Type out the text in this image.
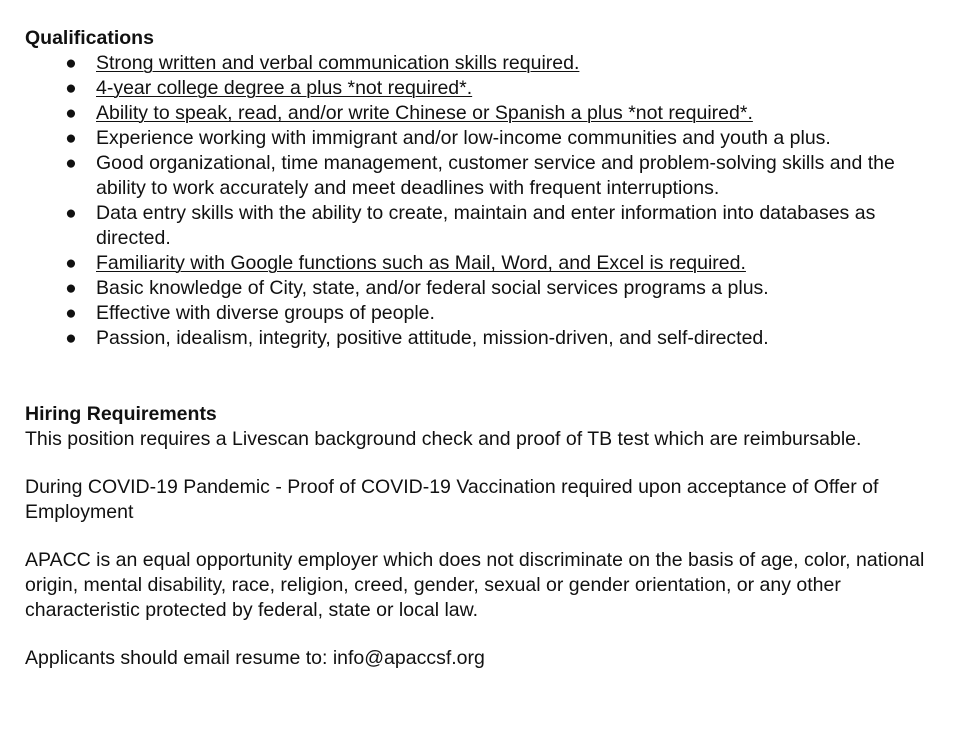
Qualifications
● Strong written and verbal communication skills required.
● 4-year college degree a plus *not required*.
● Ability to speak, read, and/or write Chinese or Spanish a plus *not required*.
● Experience working with immigrant and/or low-income communities and youth a plus.
● Good organizational, time management, customer service and problem-solving skills and the ability to work accurately and meet deadlines with frequent interruptions.
● Data entry skills with the ability to create, maintain and enter information into databases as directed.
● Familiarity with Google functions such as Mail, Word, and Excel is required.
● Basic knowledge of City, state, and/or federal social services programs a plus.
● Effective with diverse groups of people.
● Passion, idealism, integrity, positive attitude, mission-driven, and self-directed.
Hiring Requirements

This position requires a Livescan background check and proof of TB test which are reimbursable.

During COVID-19 Pandemic - Proof of COVID-19 Vaccination required upon acceptance of Offer of Employment

APACC is an equal opportunity employer which does not discriminate on the basis of age, color, national origin, mental disability, race, religion, creed, gender, sexual or gender orientation, or any other characteristic protected by federal, state or local law.

Applicants should email resume to: info@apaccsf.org
